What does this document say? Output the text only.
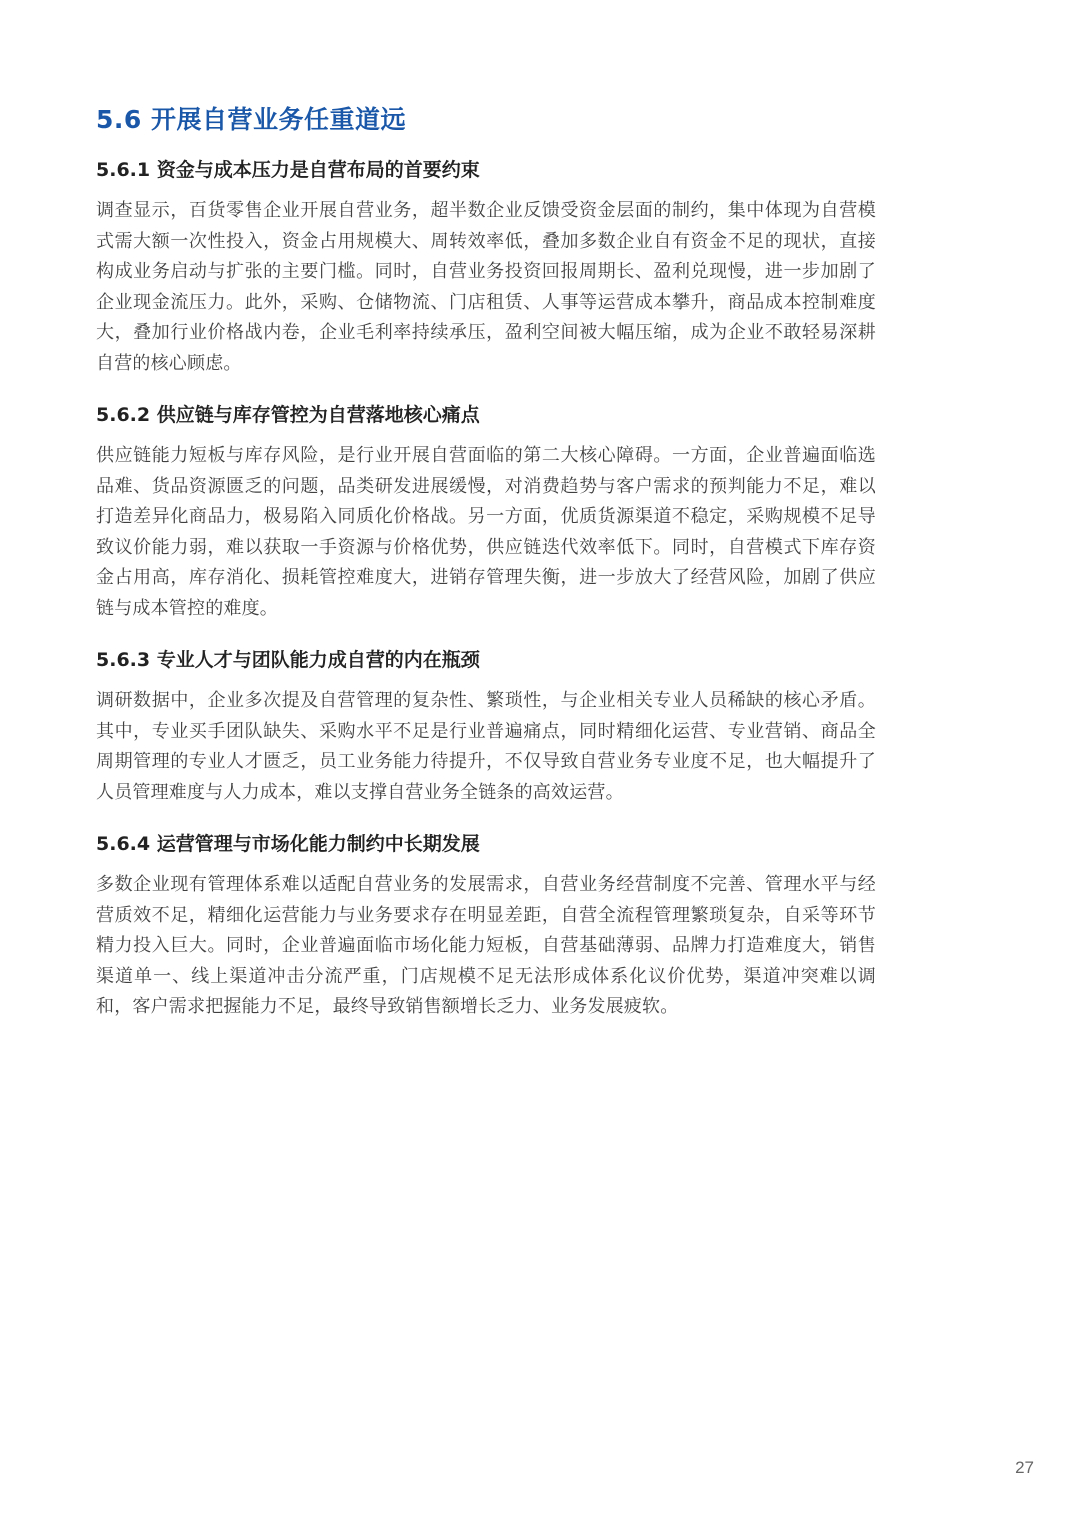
5.6 开展自营业务任重道远
5.6.1 资金与成本压力是自营布局的首要约束

调查显示，百货零售企业开展自营业务，超半数企业反馈受资金层面的制约，集中体现为自营模式需大额一次性投入，资金占用规模大、周转效率低，叠加多数企业自有资金不足的现状，直接构成业务启动与扩张的主要门槛。同时，自营业务投资回报周期长、盈利兑现慢，进一步加剧了企业现金流压力。此外，采购、仓储物流、门店租赁、人事等运营成本攀升，商品成本控制难度大，叠加行业价格战内卷，企业毛利率持续承压，盈利空间被大幅压缩，成为企业不敢轻易深耕自营的核心顾虑。

5.6.2 供应链与库存管控为自营落地核心痛点

供应链能力短板与库存风险，是行业开展自营面临的第二大核心障碍。一方面，企业普遍面临选品难、货品资源匮乏的问题，品类研发进展缓慢，对消费趋势与客户需求的预判能力不足，难以打造差异化商品力，极易陷入同质化价格战。另一方面，优质货源渠道不稳定，采购规模不足导致议价能力弱，难以获取一手资源与价格优势，供应链迭代效率低下。同时，自营模式下库存资金占用高，库存消化、损耗管控难度大，进销存管理失衡，进一步放大了经营风险，加剧了供应链与成本管控的难度。

5.6.3 专业人才与团队能力成自营的内在瓶颈

调研数据中，企业多次提及自营管理的复杂性、繁琐性，与企业相关专业人员稀缺的核心矛盾。其中，专业买手团队缺失、采购水平不足是行业普遍痛点，同时精细化运营、专业营销、商品全周期管理的专业人才匮乏，员工业务能力待提升，不仅导致自营业务专业度不足，也大幅提升了人员管理难度与人力成本，难以支撑自营业务全链条的高效运营。

5.6.4 运营管理与市场化能力制约中长期发展

多数企业现有管理体系难以适配自营业务的发展需求，自营业务经营制度不完善、管理水平与经营质效不足，精细化运营能力与业务要求存在明显差距，自营全流程管理繁琐复杂，自采等环节精力投入巨大。同时，企业普遍面临市场化能力短板，自营基础薄弱、品牌力打造难度大，销售渠道单一、线上渠道冲击分流严重，门店规模不足无法形成体系化议价优势，渠道冲突难以调和，客户需求把握能力不足，最终导致销售额增长乏力、业务发展疲软。

27
